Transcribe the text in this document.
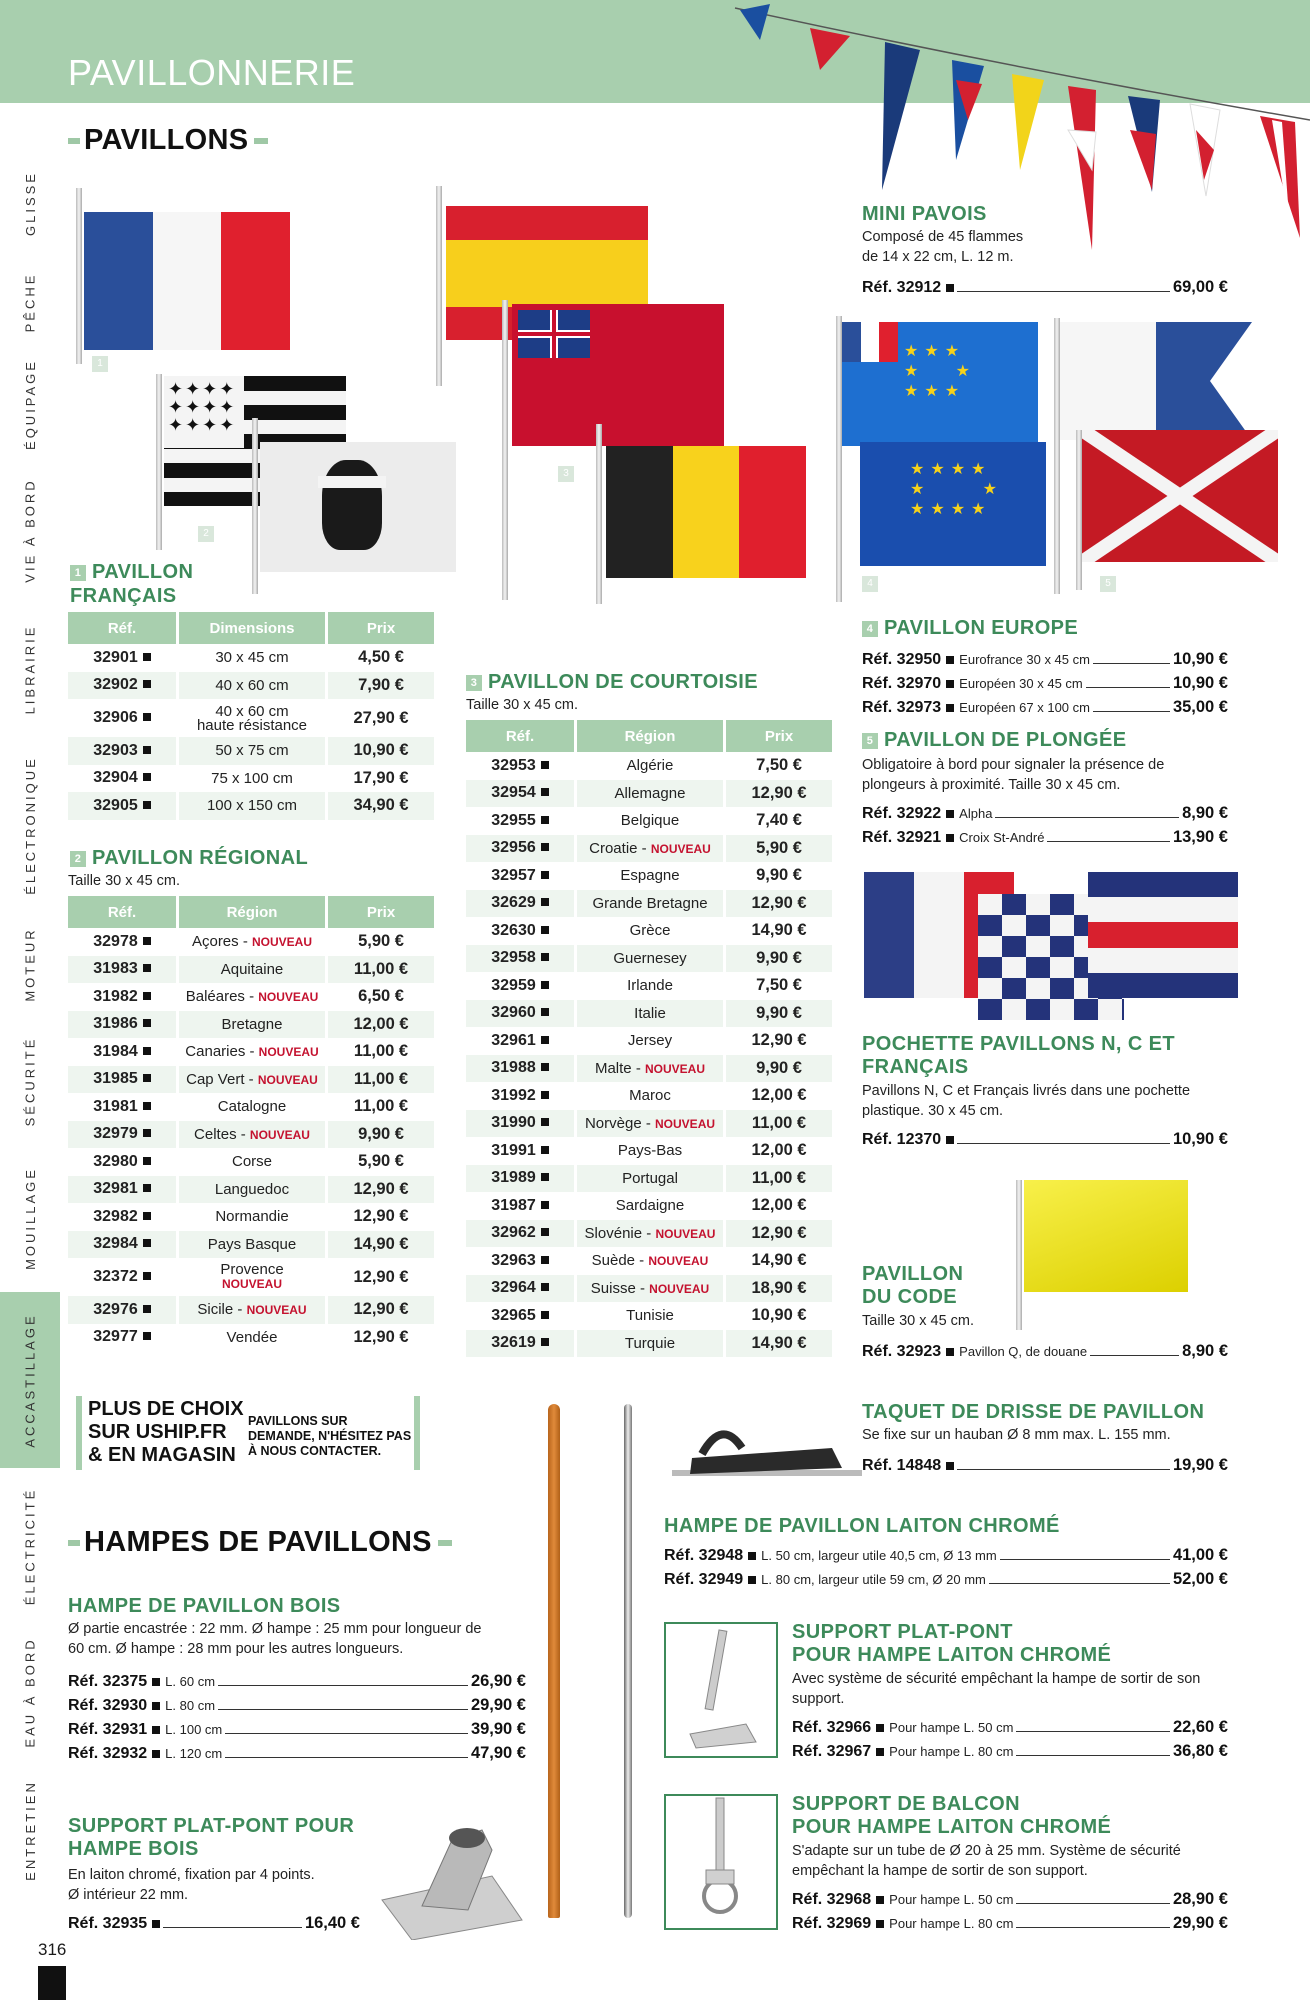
PAVILLONNERIE
GLISSE
PÊCHE
ÉQUIPAGE
VIE À BORD
LIBRAIRIE
ÉLECTRONIQUE
MOTEUR
SÉCURITÉ
MOUILLAGE
ACCASTILLAGE
ÉLECTRICITÉ
EAU À BORD
ENTRETIEN
316
PAVILLONS
1
✦✦✦✦
✦✦✦✦
✦✦✦✦
2
3
MINI PAVOIS
Composé de 45 flammes
de 14 x 22 cm, L. 12 m.
Réf. 32912	69,00 €
★★★
★   ★
★★★
★★★★
★     ★
★★★★
4	5
1 PAVILLON FRANÇAIS
Réf.	Dimensions	Prix
32901	30 x 45 cm	4,50 €
32902	40 x 60 cm	7,90 €
32906	40 x 60 cm
haute résistance	27,90 €
32903	50 x 75 cm	10,90 €
32904	75 x 100 cm	17,90 €
32905	100 x 150 cm	34,90 €
2 PAVILLON RÉGIONAL
Taille 30 x 45 cm.
Réf.	Région	Prix
32978	Açores - NOUVEAU	5,90 €
31983	Aquitaine	11,00 €
31982	Baléares - NOUVEAU	6,50 €
31986	Bretagne	12,00 €
31984	Canaries - NOUVEAU	11,00 €
31985	Cap Vert - NOUVEAU	11,00 €
31981	Catalogne	11,00 €
32979	Celtes - NOUVEAU	9,90 €
32980	Corse	5,90 €
32981	Languedoc	12,90 €
32982	Normandie	12,90 €
32984	Pays Basque	14,90 €
32372	Provence
NOUVEAU	12,90 €
32976	Sicile - NOUVEAU	12,90 €
32977	Vendée	12,90 €
3 PAVILLON DE COURTOISIE
Taille 30 x 45 cm.
Réf.	Région	Prix
32953	Algérie	7,50 €
32954	Allemagne	12,90 €
32955	Belgique	7,40 €
32956	Croatie - NOUVEAU	5,90 €
32957	Espagne	9,90 €
32629	Grande Bretagne	12,90 €
32630	Grèce	14,90 €
32958	Guernesey	9,90 €
32959	Irlande	7,50 €
32960	Italie	9,90 €
32961	Jersey	12,90 €
31988	Malte - NOUVEAU	9,90 €
31992	Maroc	12,00 €
31990	Norvège - NOUVEAU	11,00 €
31991	Pays-Bas	12,00 €
31989	Portugal	11,00 €
31987	Sardaigne	12,00 €
32962	Slovénie - NOUVEAU	12,90 €
32963	Suède - NOUVEAU	14,90 €
32964	Suisse - NOUVEAU	18,90 €
32965	Tunisie	10,90 €
32619	Turquie	14,90 €
4 PAVILLON EUROPE
Réf. 32950 Eurofrance 30 x 45 cm	10,90 €
Réf. 32970 Européen 30 x 45 cm	10,90 €
Réf. 32973 Européen 67 x 100 cm	35,00 €
5 PAVILLON DE PLONGÉE
Obligatoire à bord pour signaler la présence de
plongeurs à proximité. Taille 30 x 45 cm.
Réf. 32922 Alpha	8,90 €
Réf. 32921 Croix St-André	13,90 €
POCHETTE PAVILLONS N, C ET
FRANÇAIS
Pavillons N, C et Français livrés dans une pochette
plastique. 30 x 45 cm.
Réf. 12370	10,90 €
PAVILLON
DU CODE
Taille 30 x 45 cm.
Réf. 32923 Pavillon Q, de douane	8,90 €
PLUS DE CHOIX
SUR USHIP.FR
& EN MAGASIN
PAVILLONS SUR
DEMANDE, N'HÉSITEZ PAS
À NOUS CONTACTER.
HAMPES DE PAVILLONS
HAMPE DE PAVILLON BOIS
Ø partie encastrée : 22 mm. Ø hampe : 25 mm pour longueur de
60 cm. Ø hampe : 28 mm pour les autres longueurs.
Réf. 32375 L. 60 cm	26,90 €
Réf. 32930 L. 80 cm	29,90 €
Réf. 32931 L. 100 cm	39,90 €
Réf. 32932 L. 120 cm	47,90 €
SUPPORT PLAT-PONT POUR
HAMPE BOIS
En laiton chromé, fixation par 4 points.
Ø intérieur 22 mm.
Réf. 32935	16,40 €
TAQUET DE DRISSE DE PAVILLON
Se fixe sur un hauban Ø 8 mm max. L. 155 mm.
Réf. 14848	19,90 €
HAMPE DE PAVILLON LAITON CHROMÉ
Réf. 32948 L. 50 cm, largeur utile 40,5 cm, Ø 13 mm	41,00 €
Réf. 32949 L. 80 cm, largeur utile 59 cm, Ø 20 mm	52,00 €
SUPPORT PLAT-PONT
POUR HAMPE LAITON CHROMÉ
Avec système de sécurité empêchant la hampe de sortir de son
support.
Réf. 32966 Pour hampe L. 50 cm	22,60 €
Réf. 32967 Pour hampe L. 80 cm	36,80 €
SUPPORT DE BALCON
POUR HAMPE LAITON CHROMÉ
S'adapte sur un tube de Ø 20 à 25 mm. Système de sécurité
empêchant la hampe de sortir de son support.
Réf. 32968 Pour hampe L. 50 cm	28,90 €
Réf. 32969 Pour hampe L. 80 cm	29,90 €
